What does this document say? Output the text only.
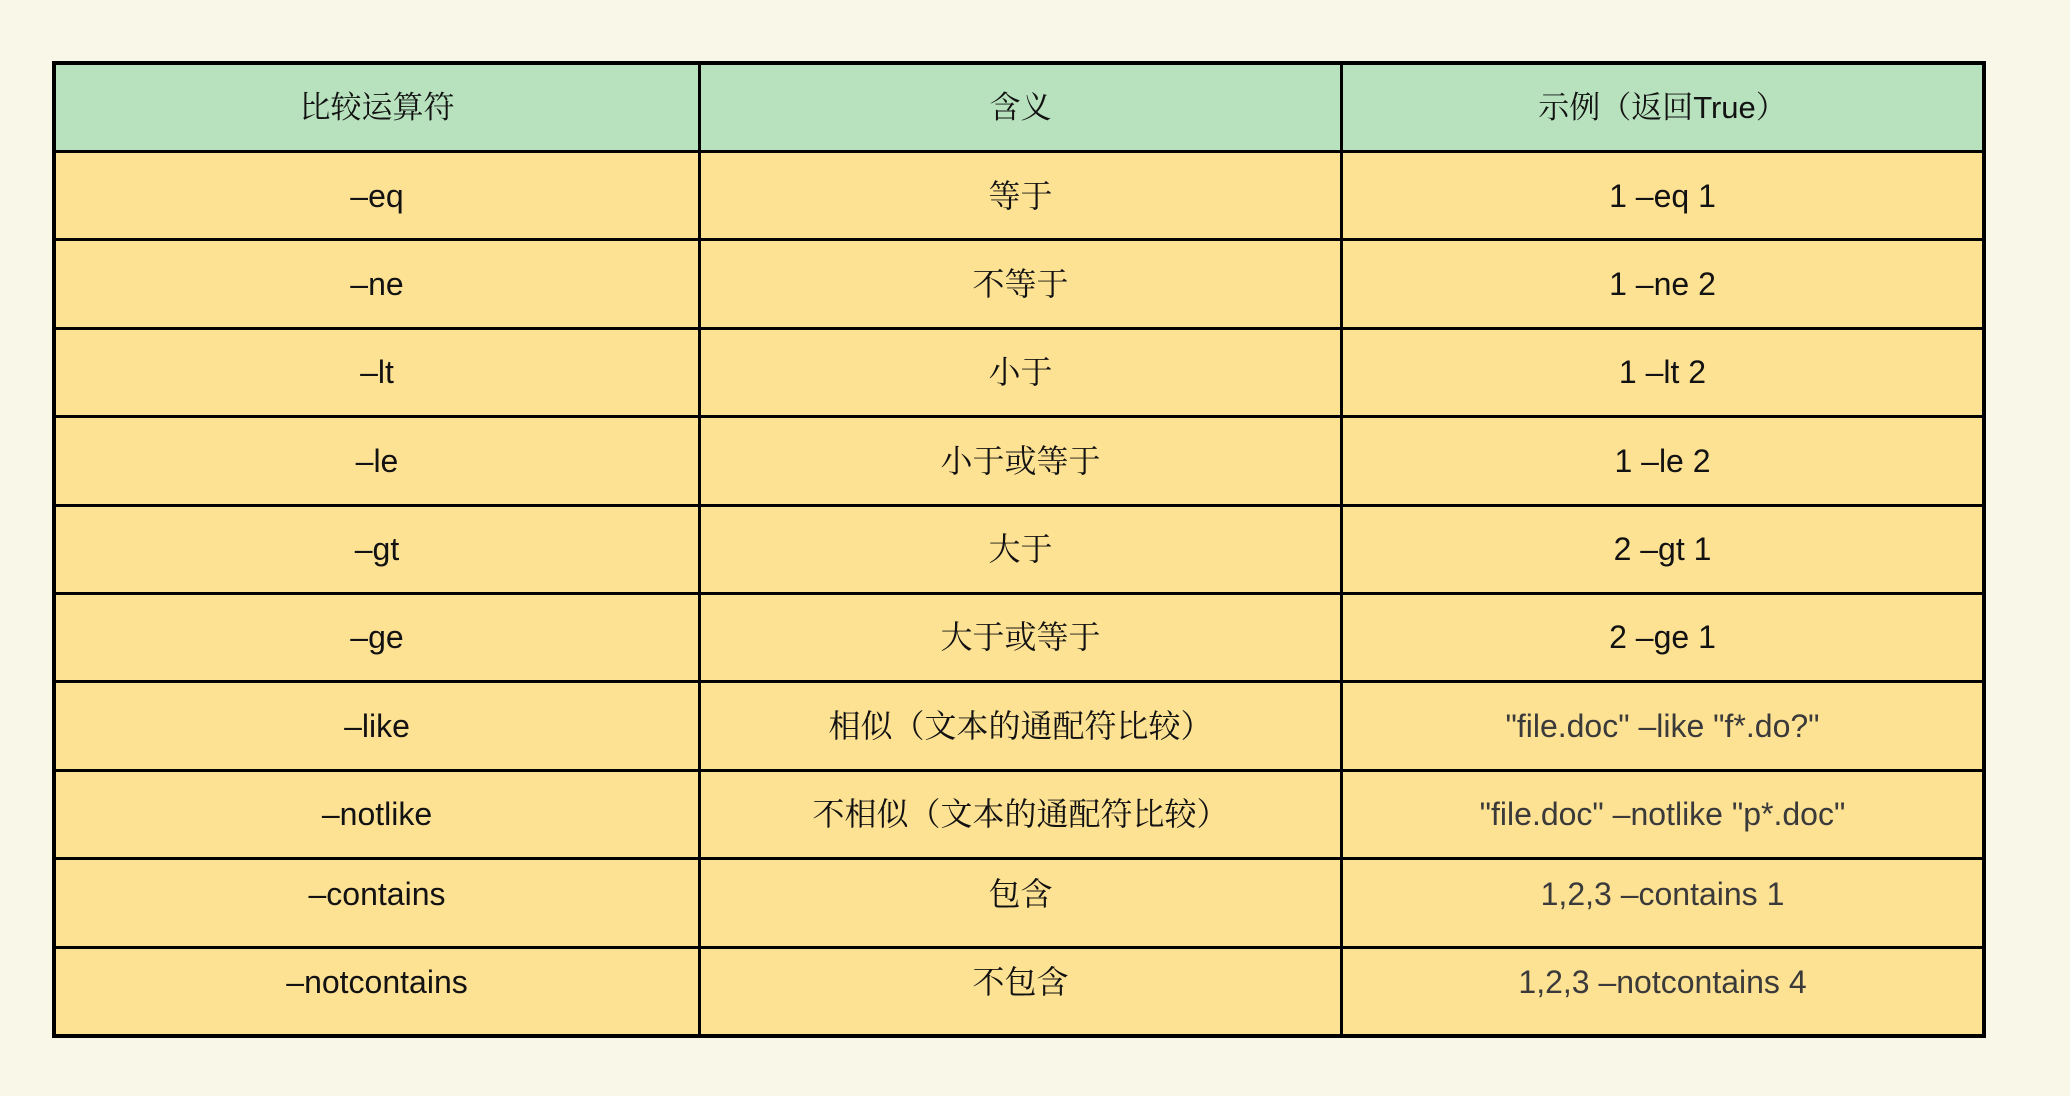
比较运算符	含义	示例（返回True）
–eq	等于	1 –eq 1
–ne	不等于	1 –ne 2
–lt	小于	1 –lt 2
–le	小于或等于	1 –le 2
–gt	大于	2 –gt 1
–ge	大于或等于	2 –ge 1
–like	相似（文本的通配符比较）	"file.doc" –like "f*.do?"
–notlike	不相似（文本的通配符比较）	"file.doc" –notlike "p*.doc"
–contains	包含	1,2,3 –contains 1
–notcontains	不包含	1,2,3 –notcontains 4
